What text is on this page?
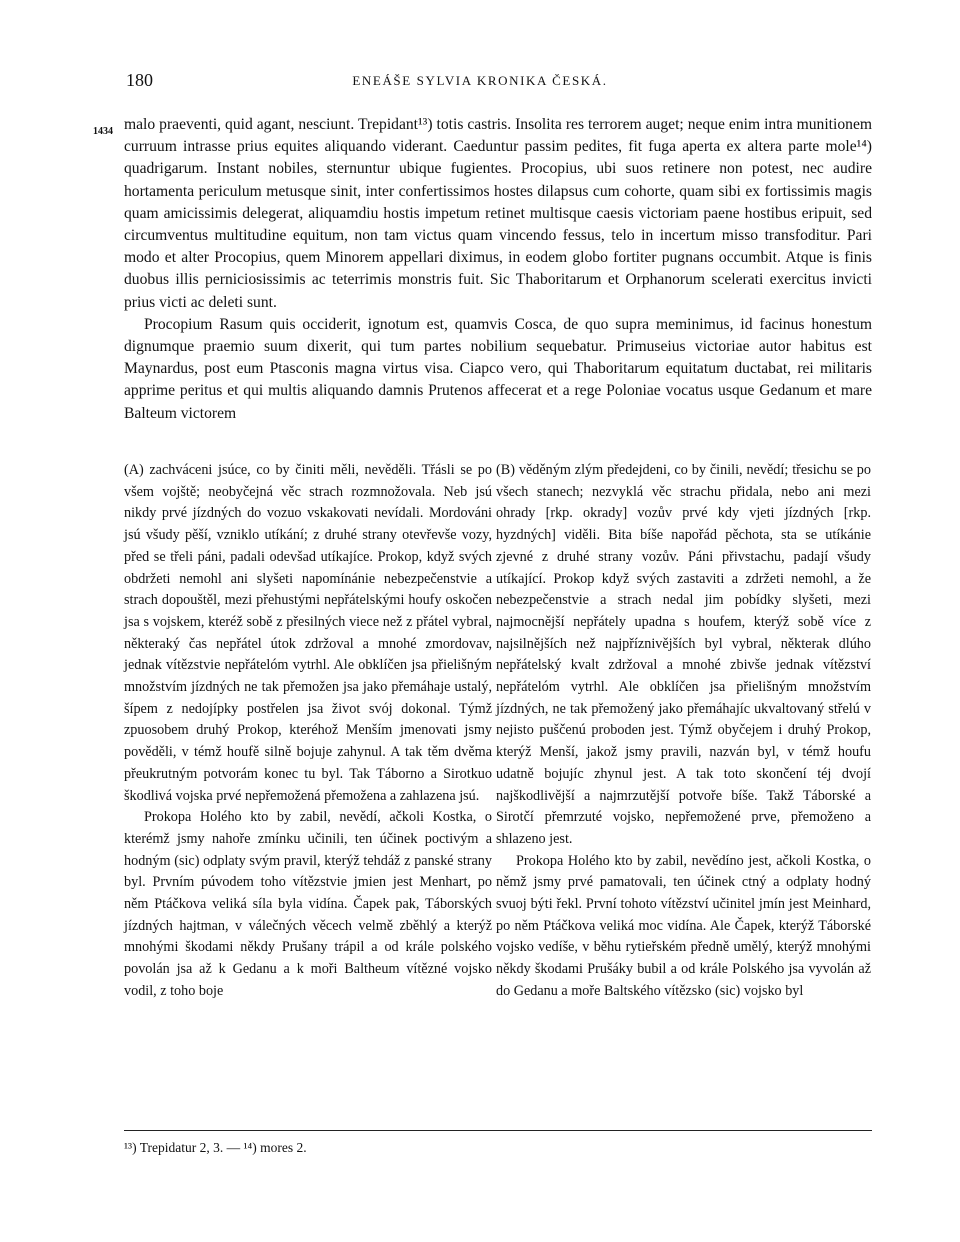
180	ENEÁŠE SYLVIA KRONIKA ČESKÁ.
1434 malo praeventi, quid agant, nesciunt. Trepidant¹³) totis castris. Insolita res terrorem auget; neque enim intra munitionem curruum intrasse prius equites aliquando viderant. Caeduntur passim pedites, fit fuga aperta ex altera parte mole¹⁴) quadrigarum. Instant nobiles, sternuntur ubique fugientes. Procopius, ubi suos retinere non potest, nec audire hortamenta periculum metusque sinit, inter confertissimos hostes dilapsus cum cohorte, quam sibi ex fortissimis magis quam amicissimis delegerat, aliquamdiu hostis impetum retinet multisque caesis victoriam paene hostibus eripuit, sed circumventus multitudine equitum, non tam victus quam vincendo fessus, telo in incertum misso transfoditur. Pari modo et alter Procopius, quem Minorem appellari diximus, in eodem globo fortiter pugnans occumbit. Atque is finis duobus illis perniciosissimis ac teterrimis monstris fuit. Sic Thaboritarum et Orphanorum scelerati exercitus invicti prius victi ac deleti sunt.

Procopium Rasum quis occiderit, ignotum est, quamvis Cosca, de quo supra meminimus, id facinus honestum dignumque praemio suum dixerit, qui tum partes nobilium sequebatur. Primuseius victoriae autor habitus est Maynardus, post eum Ptasconis magna virtus visa. Ciapco vero, qui Thaboritarum equitatum ductabat, rei militaris apprime peritus et qui multis aliquando damnis Prutenos affecerat et a rege Poloniae vocatus usque Gedanum et mare Balteum victorem

(A) zachváceni jsúce, co by činiti měli, nevěděli. Třásli se po všem vojště; neobyčejná věc strach rozmnožovala. Neb jsú nikdy prvé jízdných do vozuo vskakovati nevídali. Mordováni jsú všudy pěší, vzniklo utíkání; z druhé strany otevřevše vozy, před se třeli páni, padali odevšad utíkajíce. Prokop, když svých obdržeti nemohl ani slyšeti napomínánie nebezpečenstvie a strach dopouštěl, mezi přehustými nepřátelskými houfy oskočen jsa s vojskem, kteréž sobě z přesilných viece než z přátel vybral, některaký čas nepřátel útok zdržoval a mnohé zmordovav, jednak vítězstvie nepřátelóm vytrhl. Ale obklíčen jsa přielišným množstvím jízdných ne tak přemožen jsa jako přemáhaje ustalý, šípem z nedojípky postřelen jsa život svój dokonal. Týmž zpuosobem druhý Prokop, kteréhož Menším jmenovati jsmy pověděli, v témž houfě silně bojuje zahynul. A tak těm dvěma přeukrutným potvorám konec tu byl. Tak Táborno a Sirotkuo škodlivá vojska prvé nepřemožená přemožena a zahlazena jsú.

Prokopa Holého kto by zabil, nevědí, ačkoli Kostka, o kterémž jsmy nahoře zmínku učinili, ten účinek poctivým a hodným (sic) odplaty svým pravil, kterýž tehdáž z panské strany byl. Prvním púvodem toho vítězstvie jmien jest Menhart, po něm Ptáčkova veliká síla byla vidína. Čapek pak, Táborských jízdných hajtman, v válečných věcech velmě zběhlý a kterýž mnohými škodami někdy Prušany trápil a od krále polského povolán jsa až k Gedanu a k moři Baltheum vítězné vojsko vodil, z toho boje

(B) věděným zlým předejdeni, co by činili, nevědí; třesichu se po všech stanech; nezvyklá věc strachu přidala, nebo ani mezi ohrady [rkp. okrady] vozův prvé kdy vjeti jízdných [rkp. hyzdných] viděli. Bita bíše napořád pěchota, sta se utíkánie zjevné z druhé strany vozův. Páni přivstachu, padají všudy utíkající. Prokop když svých zastaviti a zdržeti nemohl, a že nebezpečenstvie a strach nedal jim pobídky slyšeti, mezi najmocnější nepřátely upadna s houfem, kterýž sobě více z najsilnějších než najpříznivějších byl vybral, některak dlúho nepřátelský kvalt zdržoval a mnohé zbivše jednak vítězství nepřátelóm vytrhl. Ale obklíčen jsa přielišným množstvím jízdných, ne tak přemožený jako přemáhajíc ukvaltovaný střelú v nejisto puščenú proboden jest. Týmž obyčejem i druhý Prokop, kterýž Menší, jakož jsmy pravili, nazván byl, v témž houfu udatně bojujíc zhynul jest. A tak toto skončení téj dvojí najškodlivější a najmrzutější potvoře bíše. Takž Táborské a Sirotčí přemrzuté vojsko, nepřemožené prve, přemoženo a shlazeno jest.

Prokopa Holého kto by zabil, nevědíno jest, ačkoli Kostka, o němž jsmy prvé pamatovali, ten účinek ctný a odplaty hodný svuoj býti řekl. První tohoto vítězství učinitel jmín jest Meinhard, po něm Ptáčkova veliká moc vidína. Ale Čapek, kterýž Táborské vojsko vedíše, v běhu rytieřském předně umělý, kterýž mnohými někdy škodami Prušáky bubil a od krále Polského jsa vyvolán až do Gedanu a moře Baltského vítězsko (sic) vojsko byl

¹³) Trepidatur 2, 3. — ¹⁴) mores 2.
